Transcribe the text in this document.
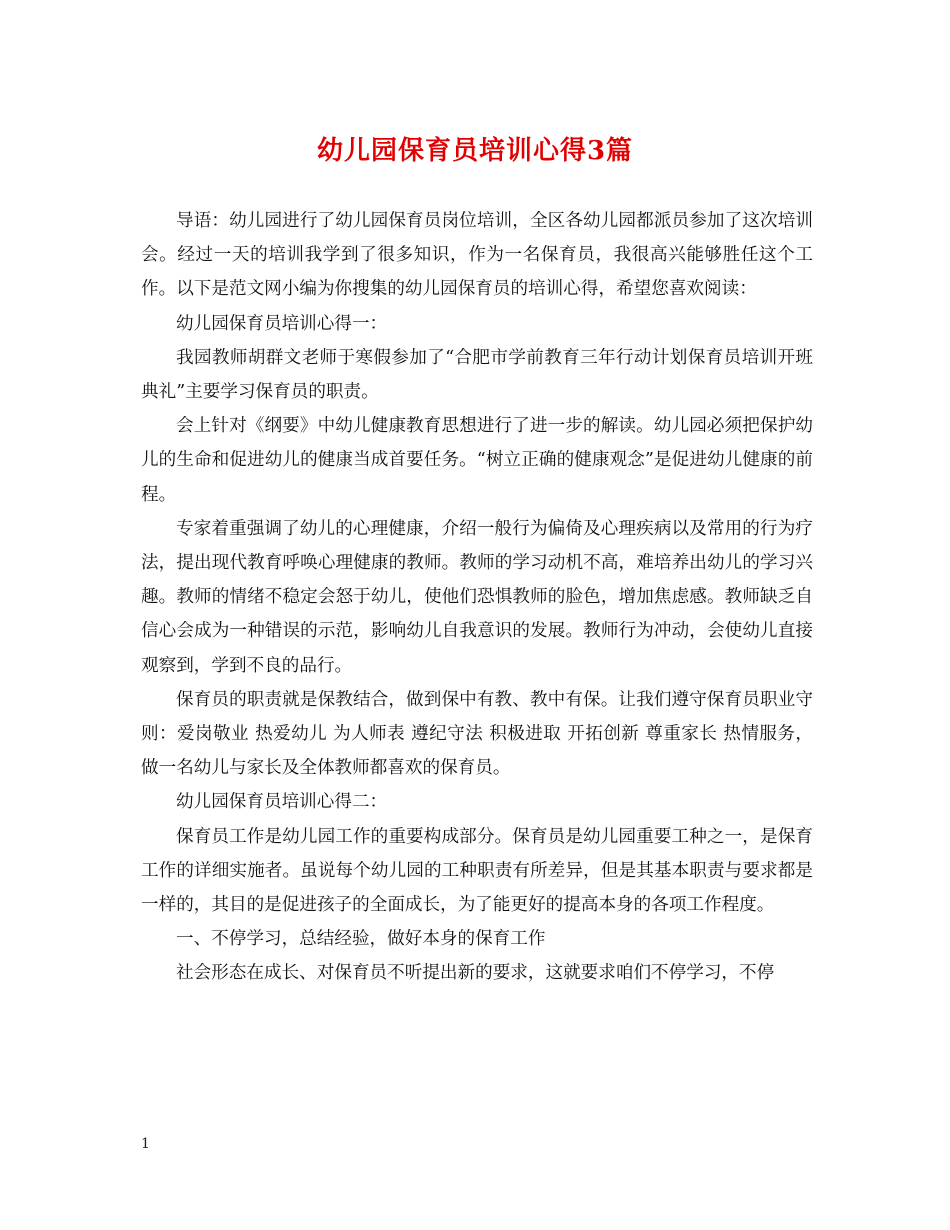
幼儿园保育员培训心得3篇

导语：幼儿园进行了幼儿园保育员岗位培训，全区各幼儿园都派员参加了这次培训会。经过一天的培训我学到了很多知识，作为一名保育员，我很高兴能够胜任这个工作。以下是范文网小编为你搜集的幼儿园保育员的培训心得，希望您喜欢阅读：

幼儿园保育员培训心得一：

我园教师胡群文老师于寒假参加了“合肥市学前教育三年行动计划保育员培训开班典礼”主要学习保育员的职责。

会上针对《纲要》中幼儿健康教育思想进行了进一步的解读。幼儿园必须把保护幼儿的生命和促进幼儿的健康当成首要任务。“树立正确的健康观念”是促进幼儿健康的前程。

专家着重强调了幼儿的心理健康，介绍一般行为偏倚及心理疾病以及常用的行为疗法，提出现代教育呼唤心理健康的教师。教师的学习动机不高，难培养出幼儿的学习兴趣。教师的情绪不稳定会怒于幼儿，使他们恐惧教师的脸色，增加焦虑感。教师缺乏自信心会成为一种错误的示范，影响幼儿自我意识的发展。教师行为冲动，会使幼儿直接观察到，学到不良的品行。

保育员的职责就是保教结合，做到保中有教、教中有保。让我们遵守保育员职业守则：爱岗敬业 热爱幼儿 为人师表 遵纪守法 积极进取 开拓创新 尊重家长 热情服务，做一名幼儿与家长及全体教师都喜欢的保育员。

幼儿园保育员培训心得二：

保育员工作是幼儿园工作的重要构成部分。保育员是幼儿园重要工种之一，是保育工作的详细实施者。虽说每个幼儿园的工种职责有所差异，但是其基本职责与要求都是一样的，其目的是促进孩子的全面成长，为了能更好的提高本身的各项工作程度。

一、不停学习，总结经验，做好本身的保育工作

社会形态在成长、对保育员不听提出新的要求，这就要求咱们不停学习，不停

1
